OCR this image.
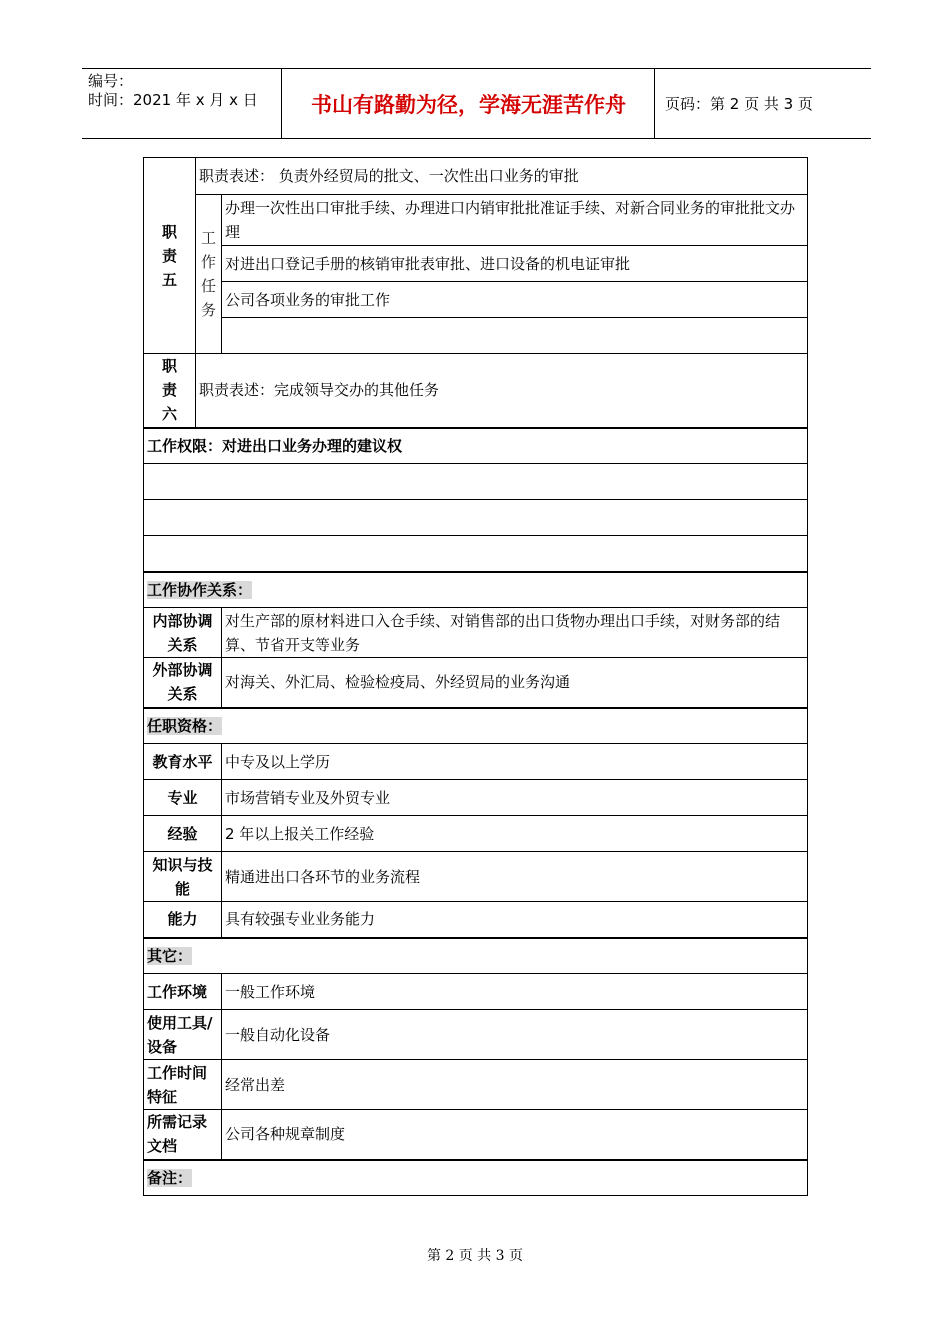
编号：
时间：2021 年 x 月 x 日	书山有路勤为径，学海无涯苦作舟	页码：第 2 页 共 3 页
职
责
五	职责表述： 负责外经贸局的批文、一次性出口业务的审批	
	工
作
任
务	办理一次性出口审批手续、办理进口内销审批批准证手续、对新合同业务的审批批文办理
		对进出口登记手册的核销审批表审批、进口设备的机电证审批
		公司各项业务的审批工作

职
责
六	职责表述：完成领导交办的其他任务	
工作权限：对进出口业务办理的建议权		

工作协作关系：		
内部协调关系		对生产部的原材料进口入仓手续、对销售部的出口货物办理出口手续，对财务部的结算、节省开支等业务
外部协调关系		对海关、外汇局、检验检疫局、外经贸局的业务沟通
任职资格：		
教育水平		中专及以上学历
专业		市场营销专业及外贸专业
经验		2 年以上报关工作经验
知识与技能		精通进出口各环节的业务流程
能力		具有较强专业业务能力
其它：		
工作环境		一般工作环境
使用工具/设备		一般自动化设备
工作时间特征		经常出差
所需记录文档		公司各种规章制度
备注：		
第 2 页 共 3 页
